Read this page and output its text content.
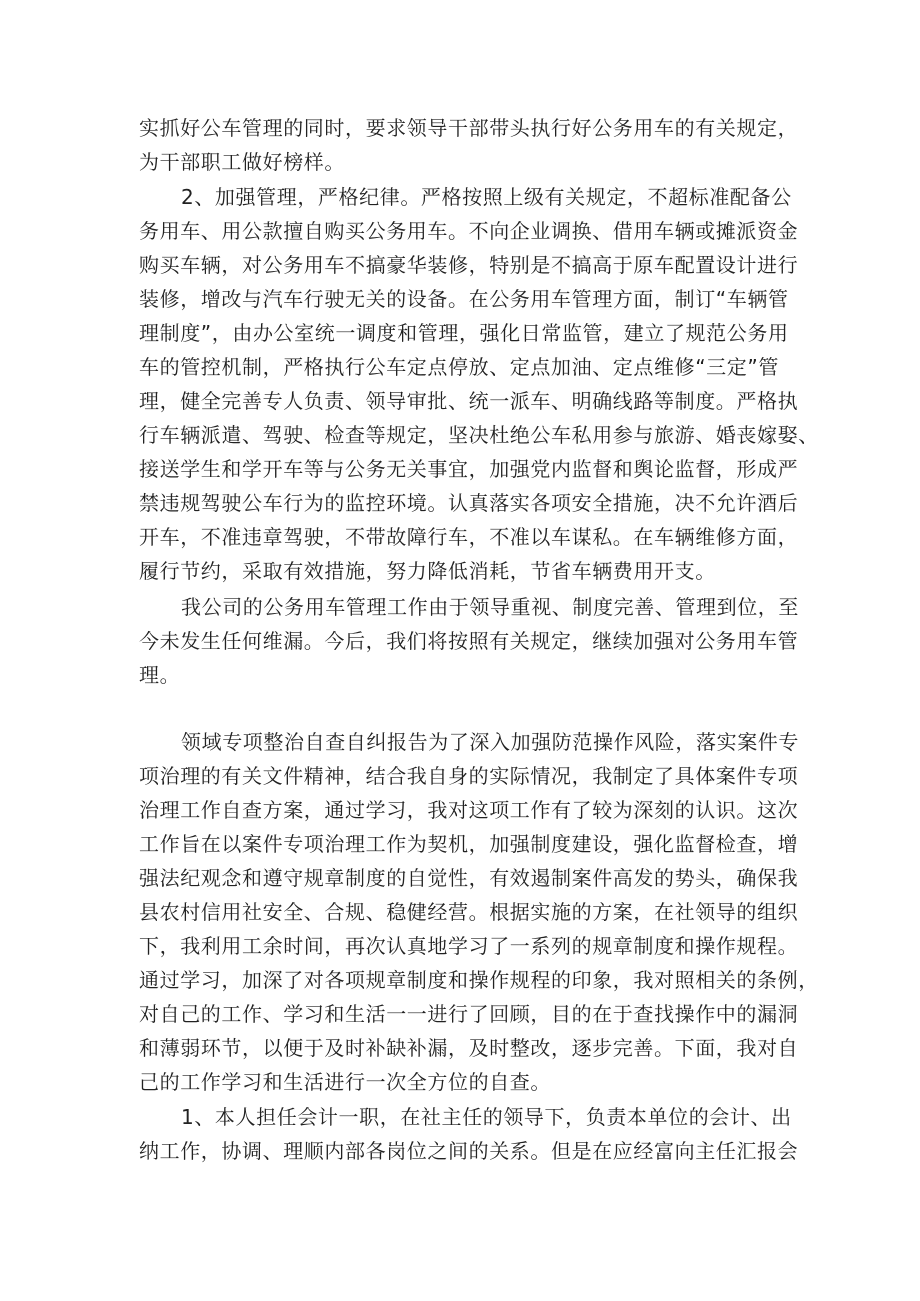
实抓好公车管理的同时，要求领导干部带头执行好公务用车的有关规定，
为干部职工做好榜样。
2、加强管理，严格纪律。严格按照上级有关规定，不超标准配备公
务用车、用公款擅自购买公务用车。不向企业调换、借用车辆或摊派资金
购买车辆，对公务用车不搞豪华装修，特别是不搞高于原车配置设计进行
装修，增改与汽车行驶无关的设备。在公务用车管理方面，制订“车辆管
理制度”，由办公室统一调度和管理，强化日常监管，建立了规范公务用
车的管控机制，严格执行公车定点停放、定点加油、定点维修“三定”管
理，健全完善专人负责、领导审批、统一派车、明确线路等制度。严格执
行车辆派遣、驾驶、检查等规定，坚决杜绝公车私用参与旅游、婚丧嫁娶、
接送学生和学开车等与公务无关事宜，加强党内监督和舆论监督，形成严
禁违规驾驶公车行为的监控环境。认真落实各项安全措施，决不允许酒后
开车，不准违章驾驶，不带故障行车，不准以车谋私。在车辆维修方面，
履行节约，采取有效措施，努力降低消耗，节省车辆费用开支。
我公司的公务用车管理工作由于领导重视、制度完善、管理到位，至
今未发生任何维漏。今后，我们将按照有关规定，继续加强对公务用车管
理。
领域专项整治自查自纠报告为了深入加强防范操作风险，落实案件专
项治理的有关文件精神，结合我自身的实际情况，我制定了具体案件专项
治理工作自查方案，通过学习，我对这项工作有了较为深刻的认识。这次
工作旨在以案件专项治理工作为契机，加强制度建设，强化监督检查，增
强法纪观念和遵守规章制度的自觉性，有效遏制案件高发的势头，确保我
县农村信用社安全、合规、稳健经营。根据实施的方案，在社领导的组织
下，我利用工余时间，再次认真地学习了一系列的规章制度和操作规程。
通过学习，加深了对各项规章制度和操作规程的印象，我对照相关的条例，
对自己的工作、学习和生活一一进行了回顾，目的在于查找操作中的漏洞
和薄弱环节，以便于及时补缺补漏，及时整改，逐步完善。下面，我对自
己的工作学习和生活进行一次全方位的自查。
1、本人担任会计一职，在社主任的领导下，负责本单位的会计、出
纳工作，协调、理顺内部各岗位之间的关系。但是在应经富向主任汇报会
